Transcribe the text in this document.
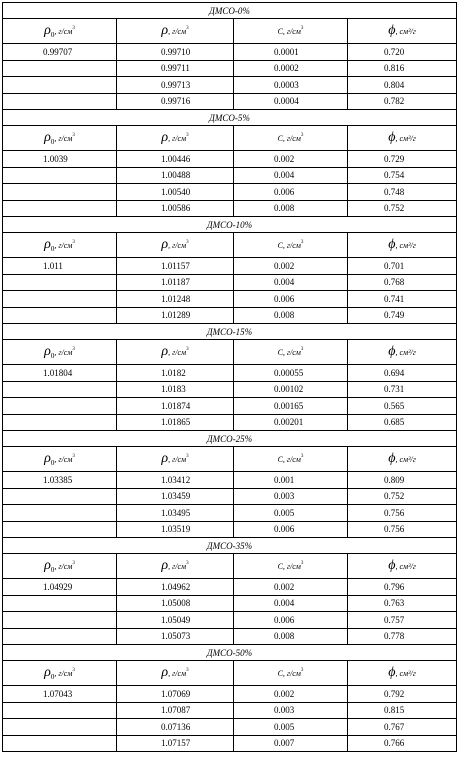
ДМСО-0%			
$\rho_0$, $г/см^3$	ρ, $г/см^3$	C, $г/см^3$	ϕ, см³/г
0.99707	0.99710	0.0001	0.720
	0.99711	0.0002	0.816
	0.99713	0.0003	0.804
	0.99716	0.0004	0.782
ДМСО-5%			
$\rho_0$, $г/см^3$	ρ, $г/см^3$	C, $г/см^3$	ϕ, см³/г
1.0039	1.00446	0.002	0.729
	1.00488	0.004	0.754
	1.00540	0.006	0.748
	1.00586	0.008	0.752
ДМСО-10%			
$\rho_0$, $г/см^3$	ρ, $г/см^3$	C, $г/см^3$	ϕ, см³/г
1.011	1.01157	0.002	0.701
	1.01187	0.004	0.768
	1.01248	0.006	0.741
	1.01289	0.008	0.749
ДМСО-15%			
$\rho_0$, $г/см^3$	ρ, $г/см^3$	C, $г/см^3$	ϕ, см³/г
1.01804	1.0182	0.00055	0.694
	1.0183	0.00102	0.731
	1.01874	0.00165	0.565
	1.01865	0.00201	0.685
ДМСО-25%			
$\rho_0$, $г/см^3$	ρ, $г/см^3$	C, $г/см^3$	ϕ, см³/г
1.03385	1.03412	0.001	0.809
	1.03459	0.003	0.752
	1.03495	0.005	0.756
	1.03519	0.006	0.756
ДМСО-35%			
$\rho_0$, $г/см^3$	ρ, $г/см^3$	C, $г/см^3$	ϕ, см³/г
1.04929	1.04962	0.002	0.796
	1.05008	0.004	0.763
	1.05049	0.006	0.757
	1.05073	0.008	0.778
ДМСО-50%			
$\rho_0$, $г/см^3$	ρ, $г/см^3$	C, $г/см^3$	ϕ, см³/г
1.07043	1.07069	0.002	0.792
	1.07087	0.003	0.815
	0.07136	0.005	0.767
	1.07157	0.007	0.766
